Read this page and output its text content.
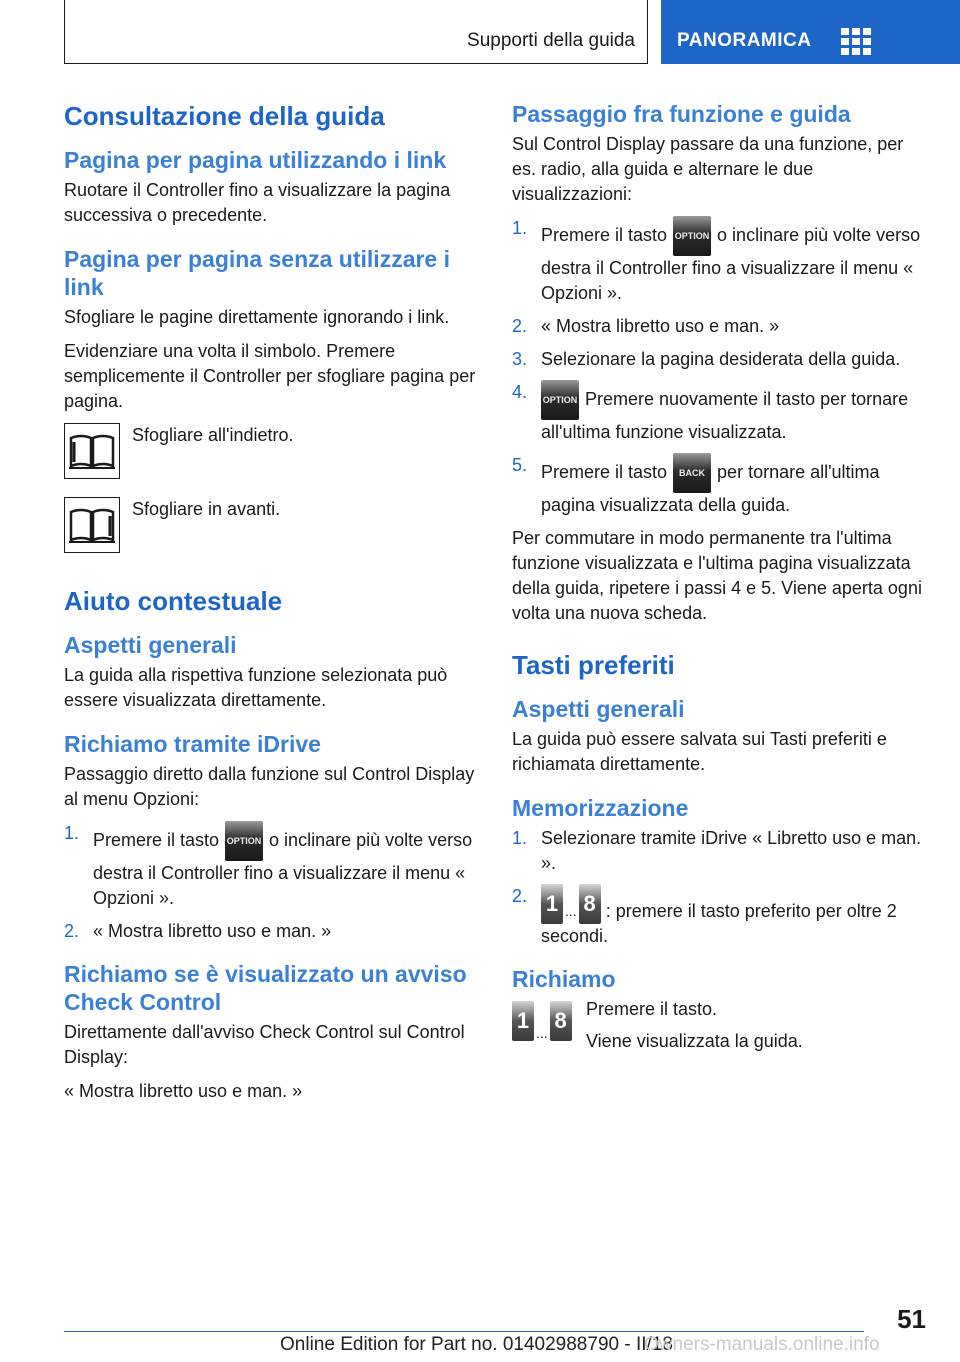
Supporti della guida PANORAMICA
Consultazione della guida
Pagina per pagina utilizzando i link

Ruotare il Controller fino a visualizzare la pagina successiva o precedente.

Pagina per pagina senza utilizzare i link

Sfogliare le pagine direttamente ignorando i link.

Evidenziare una volta il simbolo. Premere semplicemente il Controller per sfogliare pagina per pagina.

Sfogliare all'indietro.
Sfogliare in avanti.
Aiuto contestuale
Aspetti generali

La guida alla rispettiva funzione selezionata può essere visualizzata direttamente.

Richiamo tramite iDrive

Passaggio diretto dalla funzione sul Control Display al menu Opzioni:

1. Premere il tasto OPTION o inclinare più volte verso destra il Controller fino a visualizzare il menu « Opzioni ».
2. « Mostra libretto uso e man. »
Richiamo se è visualizzato un avviso Check Control

Direttamente dall'avviso Check Control sul Control Display:

« Mostra libretto uso e man. »

Passaggio fra funzione e guida

Sul Control Display passare da una funzione, per es. radio, alla guida e alternare le due visualizzazioni:

1. Premere il tasto OPTION o inclinare più volte verso destra il Controller fino a visualizzare il menu « Opzioni ».
2. « Mostra libretto uso e man. »
3. Selezionare la pagina desiderata della guida.
4. OPTION Premere nuovamente il tasto per tornare all'ultima funzione visualizzata.
5. Premere il tasto BACK per tornare all'ultima pagina visualizzata della guida.

Per commutare in modo permanente tra l'ultima funzione visualizzata e l'ultima pagina visualizzata della guida, ripetere i passi 4 e 5. Viene aperta ogni volta una nuova scheda.

Tasti preferiti
Aspetti generali

La guida può essere salvata sui Tasti preferiti e richiamata direttamente.

Memorizzazione
1. Selezionare tramite iDrive « Libretto uso e man. ».
2. 1 ... 8 : premere il tasto preferito per oltre 2 secondi.
Richiamo
1 ... 8 Premere il tasto.

Viene visualizzata la guida.

51
Online Edition for Part no. 01402988790 - II/18
Owners-manuals.online.info
